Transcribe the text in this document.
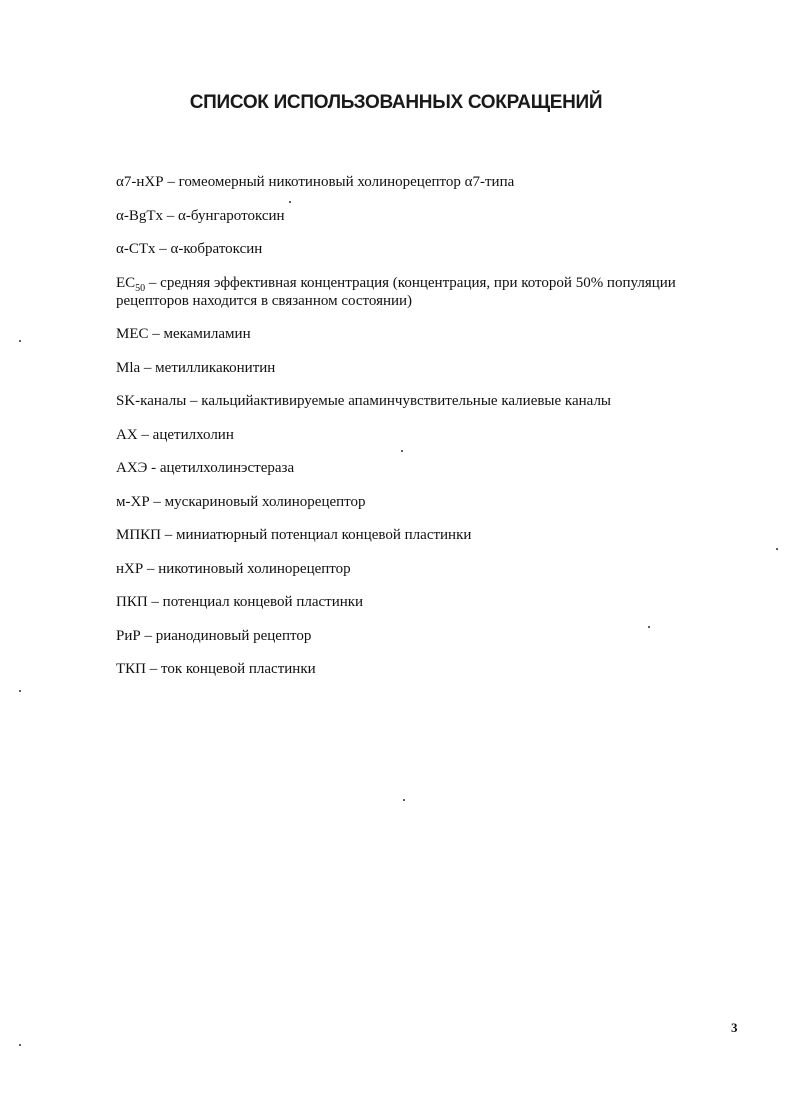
СПИСОК ИСПОЛЬЗОВАННЫХ СОКРАЩЕНИЙ
α7-нХР – гомеомерный никотиновый холинорецептор α7-типа
α-BgTx – α-бунгаротоксин
α-CTx – α-кобратоксин
$EC_{50}$ – средняя эффективная концентрация (концентрация, при которой 50% популяции рецепторов находится в связанном состоянии)
MEC – мекамиламин
Mla – метилликаконитин
SK-каналы – кальцийактивируемые апаминчувствительные калиевые каналы
АХ – ацетилхолин
АХЭ - ацетилхолинэстераза
м-ХР – мускариновый холинорецептор
МПКП – миниатюрный потенциал концевой пластинки
нХР – никотиновый холинорецептор
ПКП – потенциал концевой пластинки
РиР – рианодиновый рецептор
ТКП – ток концевой пластинки
3
